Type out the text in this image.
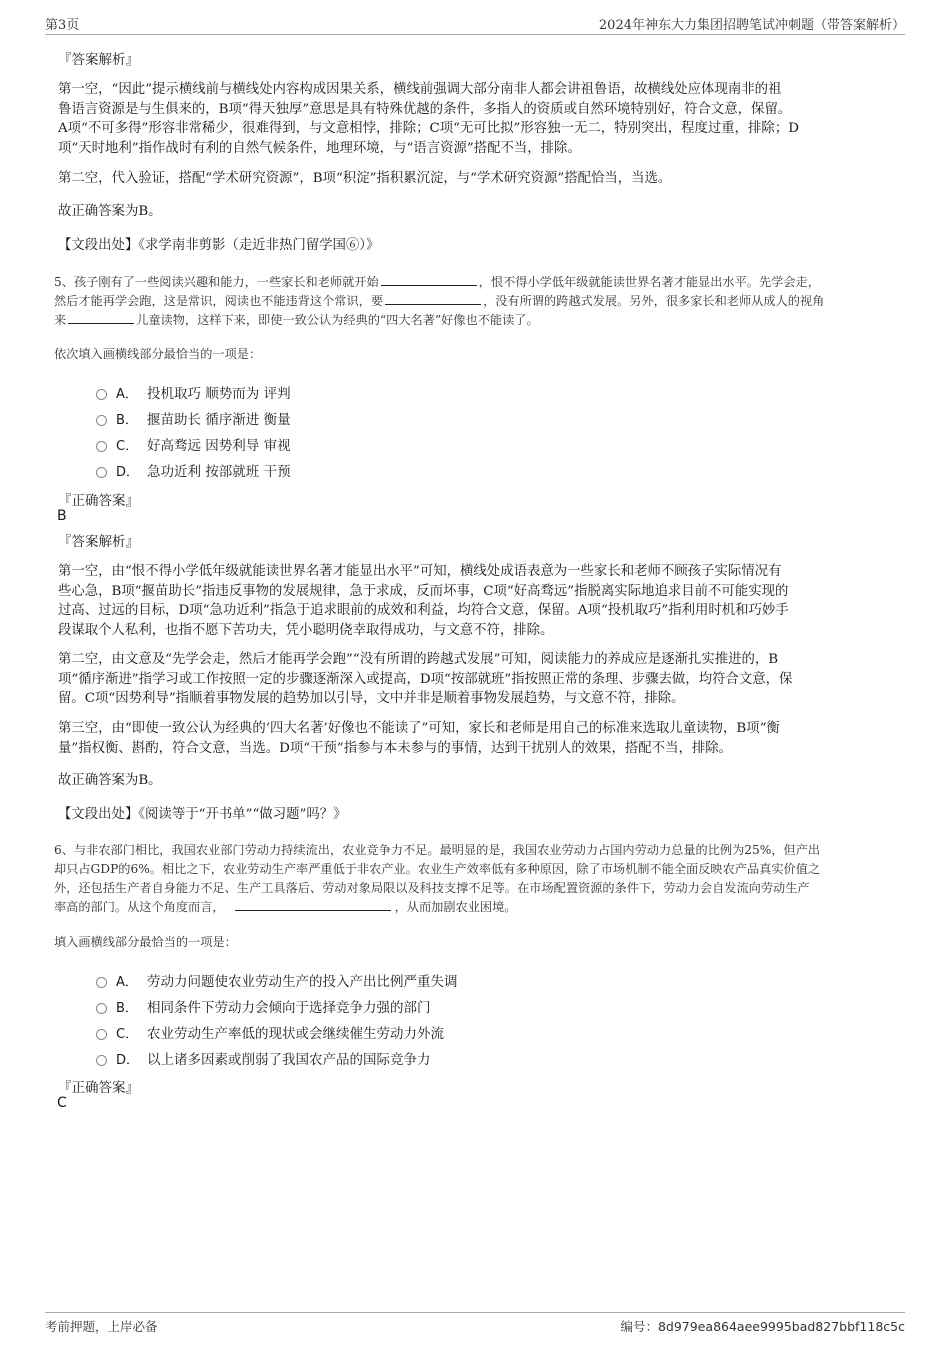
第3页	2024年神东大力集团招聘笔试冲刺题（带答案解析）
『答案解析』
第一空，“因此”提示横线前与横线处内容构成因果关系，横线前强调大部分南非人都会讲祖鲁语，故横线处应体现南非的祖
鲁语言资源是与生俱来的，B项“得天独厚”意思是具有特殊优越的条件，多指人的资质或自然环境特别好，符合文意，保留。
A项“不可多得”形容非常稀少，很难得到，与文意相悖，排除；C项“无可比拟”形容独一无二，特别突出，程度过重，排除；D
项“天时地利”指作战时有利的自然气候条件，地理环境，与“语言资源”搭配不当，排除。
第二空，代入验证，搭配“学术研究资源”，B项“积淀”指积累沉淀，与“学术研究资源”搭配恰当，当选。
故正确答案为B。
【文段出处】《求学南非剪影（走近非热门留学国⑥）》
5、孩子刚有了一些阅读兴趣和能力，一些家长和老师就开始	，恨不得小学低年级就能读世界名著才能显出水平。先学会走，
然后才能再学会跑，这是常识，阅读也不能违背这个常识，要	，没有所谓的跨越式发展。另外，很多家长和老师从成人的视角
来	儿童读物，这样下来，即使一致公认为经典的“四大名著”好像也不能读了。
依次填入画横线部分最恰当的一项是：
A． 投机取巧 顺势而为 评判
B． 揠苗助长 循序渐进 衡量
C． 好高骛远 因势利导 审视
D． 急功近利 按部就班 干预
『正确答案』
B
『答案解析』
第一空，由“恨不得小学低年级就能读世界名著才能显出水平”可知，横线处成语表意为一些家长和老师不顾孩子实际情况有
些心急，B项“揠苗助长”指违反事物的发展规律，急于求成，反而坏事，C项“好高骛远”指脱离实际地追求目前不可能实现的
过高、过远的目标，D项“急功近利”指急于追求眼前的成效和利益，均符合文意，保留。A项“投机取巧”指利用时机和巧妙手
段谋取个人私利，也指不愿下苦功夫，凭小聪明侥幸取得成功，与文意不符，排除。
第二空，由文意及“先学会走，然后才能再学会跑”“没有所谓的跨越式发展”可知，阅读能力的养成应是逐渐扎实推进的，B
项“循序渐进”指学习或工作按照一定的步骤逐渐深入或提高，D项“按部就班”指按照正常的条理、步骤去做，均符合文意，保
留。C项“因势利导”指顺着事物发展的趋势加以引导，文中并非是顺着事物发展趋势，与文意不符，排除。
第三空，由“即使一致公认为经典的‘四大名著’好像也不能读了”可知，家长和老师是用自己的标准来选取儿童读物，B项“衡
量”指权衡、斟酌，符合文意，当选。D项“干预”指参与本未参与的事情，达到干扰别人的效果，搭配不当，排除。
故正确答案为B。
【文段出处】《阅读等于“开书单”“做习题”吗？》
6、与非农部门相比，我国农业部门劳动力持续流出，农业竞争力不足。最明显的是，我国农业劳动力占国内劳动力总量的比例为25%，但产出
却只占GDP的6%。相比之下，农业劳动生产率严重低于非农产业。农业生产效率低有多种原因，除了市场机制不能全面反映农产品真实价值之
外，还包括生产者自身能力不足、生产工具落后、劳动对象局限以及科技支撑不足等。在市场配置资源的条件下，劳动力会自发流向劳动生产
率高的部门。从这个角度而言，	，从而加剧农业困境。
填入画横线部分最恰当的一项是：
A． 劳动力问题使农业劳动生产的投入产出比例严重失调
B． 相同条件下劳动力会倾向于选择竞争力强的部门
C． 农业劳动生产率低的现状或会继续催生劳动力外流
D． 以上诸多因素或削弱了我国农产品的国际竞争力
『正确答案』
C
考前押题，上岸必备	编号：8d979ea864aee9995bad827bbf118c5c
